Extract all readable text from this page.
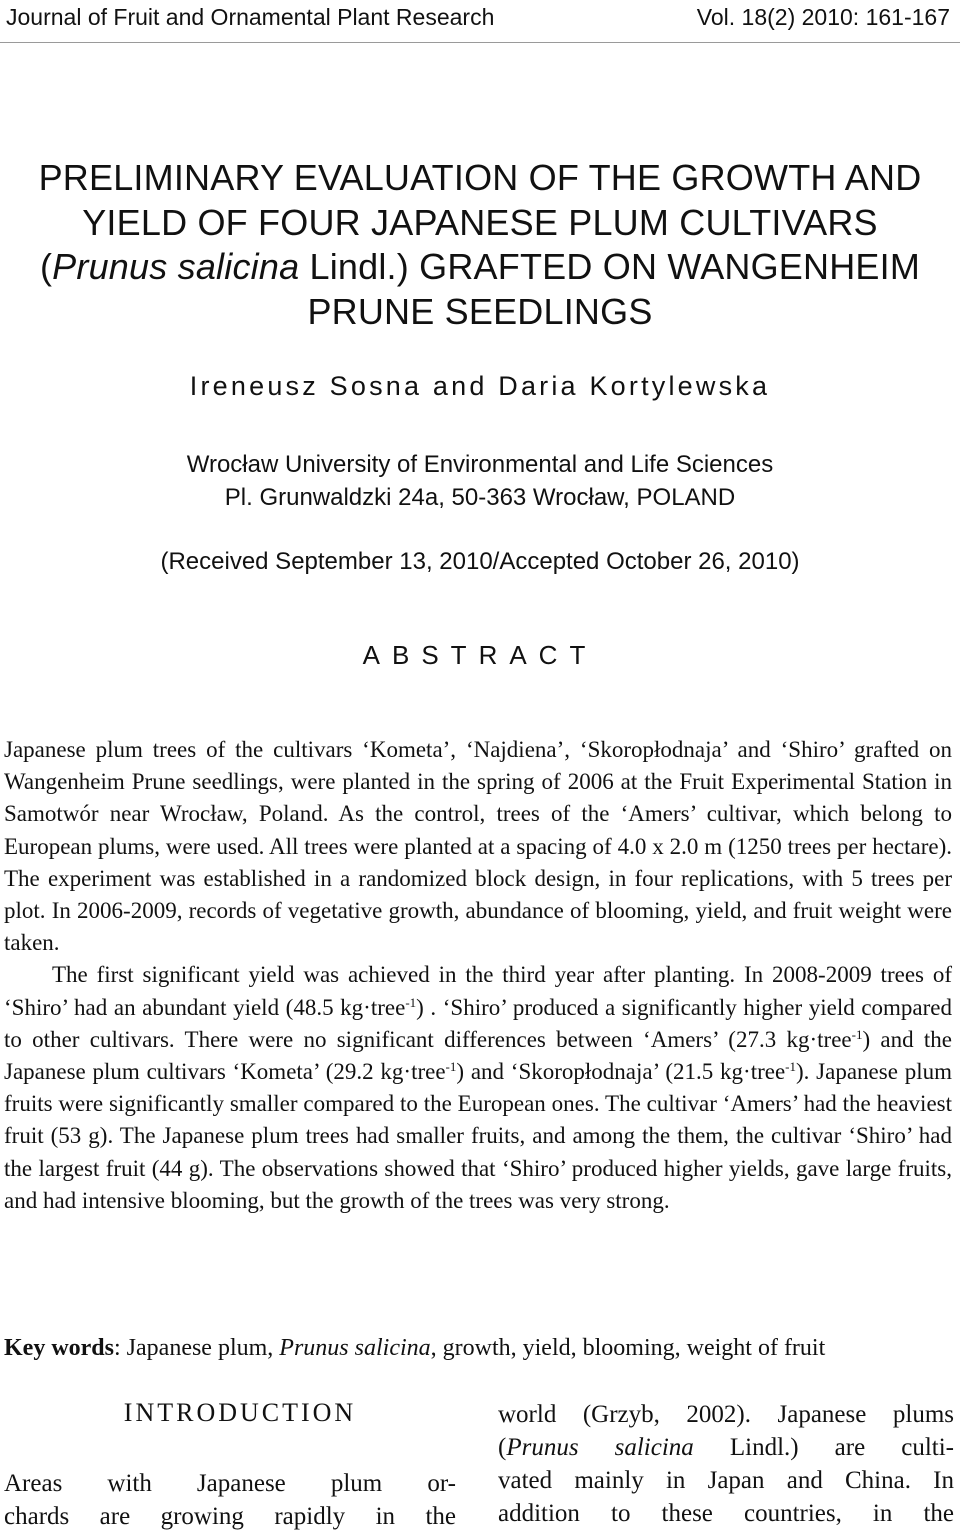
Journal of Fruit and Ornamental Plant Research	Vol. 18(2) 2010: 161-167
PRELIMINARY EVALUATION OF THE GROWTH AND
YIELD OF FOUR JAPANESE PLUM CULTIVARS
(Prunus salicina Lindl.) GRAFTED ON WANGENHEIM
PRUNE SEEDLINGS
Ireneusz Sosna and Daria Kortylewska
Wrocław University of Environmental and Life Sciences
Pl. Grunwaldzki 24a, 50-363 Wrocław, POLAND
(Received September 13, 2010/Accepted October 26, 2010)
ABSTRACT

Japanese plum trees of the cultivars ‘Kometa’, ‘Najdiena’, ‘Skoropłodnaja’ and ‘Shiro’ grafted on Wangenheim Prune seedlings, were planted in the spring of 2006 at the Fruit Experimental Station in Samotwór near Wrocław, Poland. As the control, trees of the ‘Amers’ cultivar, which belong to European plums, were used. All trees were planted at a spacing of 4.0 x 2.0 m (1250 trees per hectare). The experiment was established in a randomized block design, in four replications, with 5 trees per plot. In 2006-2009, records of vegetative growth, abundance of blooming, yield, and fruit weight were taken.

The first significant yield was achieved in the third year after planting. In 2008-2009 trees of ‘Shiro’ had an abundant yield (48.5 kg·tree$^{-1}$) . ‘Shiro’ produced a significantly higher yield compared to other cultivars. There were no significant differences between ‘Amers’ (27.3 kg·tree$^{-1}$) and the Japanese plum cultivars ‘Kometa’ (29.2 kg·tree$^{-1}$) and ‘Skoropłodnaja’ (21.5 kg·tree$^{-1}$). Japanese plum fruits were significantly smaller compared to the European ones. The cultivar ‘Amers’ had the heaviest fruit (53 g). The Japanese plum trees had smaller fruits, and among the them, the cultivar ‘Shiro’ had the largest fruit (44 g). The observations showed that ‘Shiro’ produced higher yields, gave large fruits, and had intensive blooming, but the growth of the trees was very strong.

Key words: Japanese plum, Prunus salicina, growth, yield, blooming, weight of fruit
INTRODUCTION
Areas with Japanese plum or-
chards are growing rapidly in the
world (Grzyb, 2002). Japanese plums
(Prunus salicina Lindl.) are culti-
vated mainly in Japan and China. In
addition to these countries, in the
